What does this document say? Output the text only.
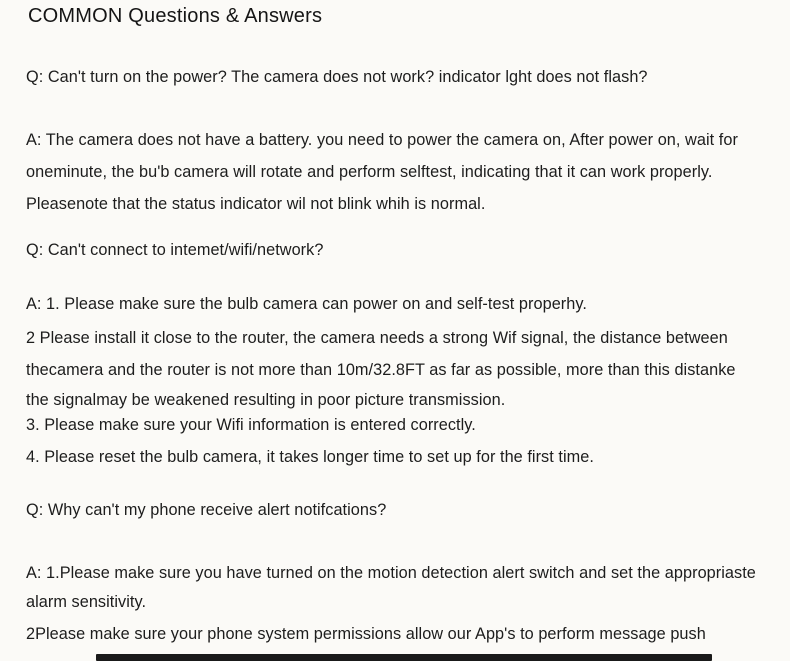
COMMON Questions & Answers
Q: Can't turn on the power? The camera does not work? indicator lght does not flash?
A: The camera does not have a battery. you need to power the camera on, After power on, wait for
oneminute, the bu'b camera will rotate and perform selftest, indicating that it can work properly.
Pleasenote that the status indicator wil not blink whih is normal.
Q: Can't connect to intemet/wifi/network?
A: 1. Please make sure the bulb camera can power on and self-test properhy.
2 Please install it close to the router, the camera needs a strong Wif signal, the distance between
thecamera and the router is not more than 10m/32.8FT as far as possible, more than this distanke
the signalmay be weakened resulting in poor picture transmission.
3. Please make sure your Wifi information is entered correctly.
4. Please reset the bulb camera, it takes longer time to set up for the first time.
Q: Why can't my phone receive alert notifcations?
A: 1.Please make sure you have turned on the motion detection alert switch and set the appropriaste
alarm sensitivity.
2Please make sure your phone system permissions allow our App's to perform message push
